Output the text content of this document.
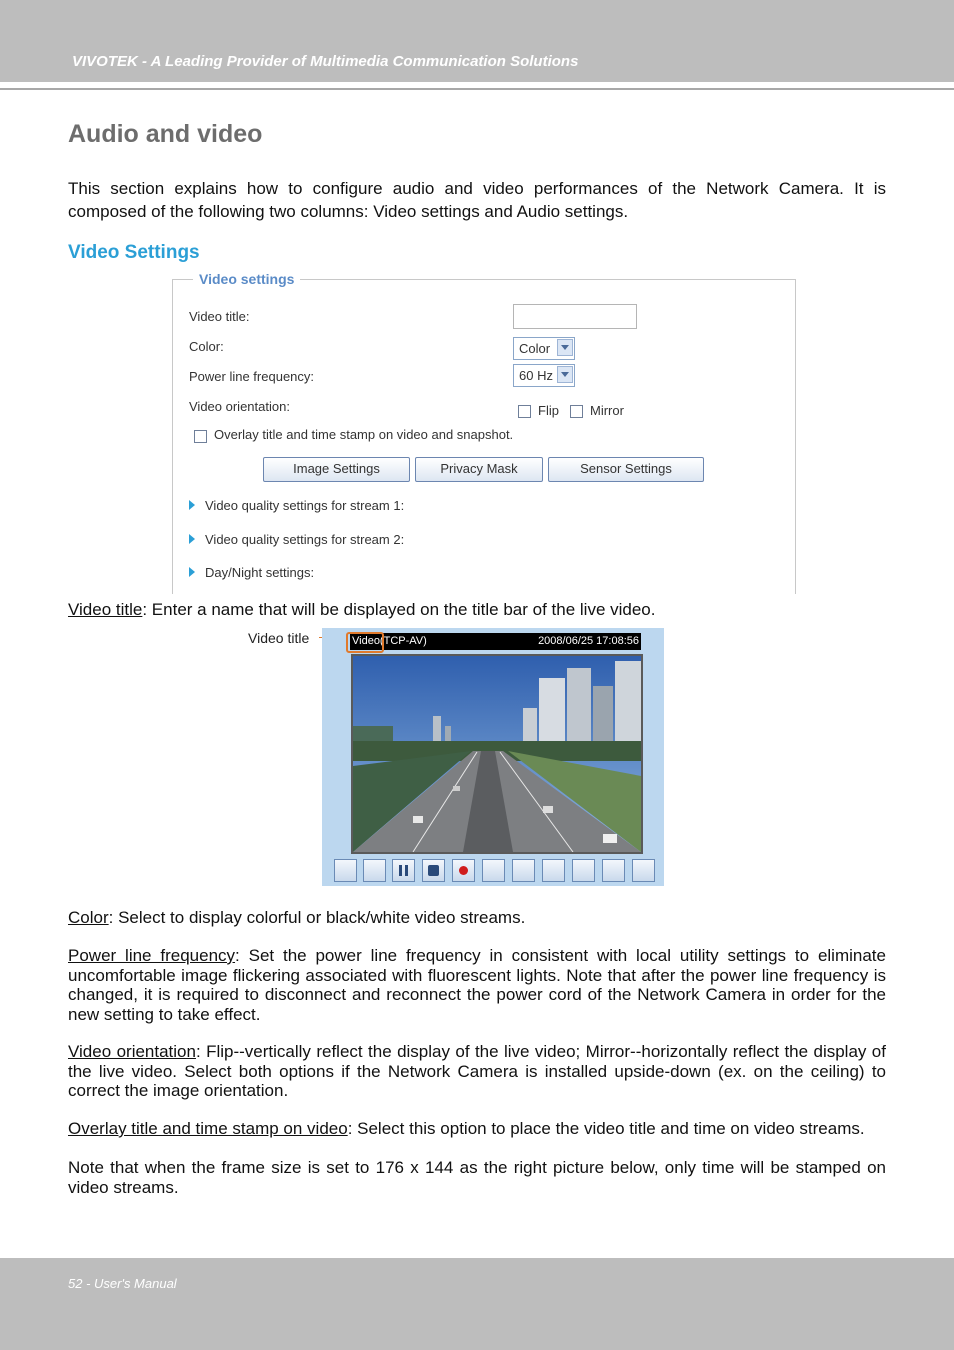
VIVOTEK - A Leading Provider of Multimedia Communication Solutions
Audio and video
This section explains how to configure audio and video performances of the Network Camera. It is composed of the following two columns: Video settings and Audio settings.
Video Settings
Video settings
Video title:
Color:	Color
Power line frequency:	60 Hz
Video orientation:	Flip Mirror
Overlay title and time stamp on video and snapshot.
Image Settings	Privacy Mask	Sensor Settings
Video quality settings for stream 1:
Video quality settings for stream 2:
Day/Night settings:
Video title: Enter a name that will be displayed on the title bar of the live video.
Video title	Video(TCP-AV)	2008/06/25 17:08:56
Color: Select to display colorful or black/white video streams.
Power line frequency: Set the power line frequency in consistent with local utility settings to eliminate uncomfortable image flickering associated with fluorescent lights. Note that after the power line frequency is changed, it is required to disconnect and reconnect the power cord of the Network Camera in order for the new setting to take effect.
Video orientation: Flip--vertically reflect the display of the live video; Mirror--horizontally reflect the display of the live video. Select both options if the Network Camera is installed upside-down (ex. on the ceiling) to correct the image orientation.
Overlay title and time stamp on video: Select this option to place the video title and time on video streams.
Note that when the frame size is set to 176 x 144 as the right picture below, only time will be stamped on video streams.
52 - User's Manual
